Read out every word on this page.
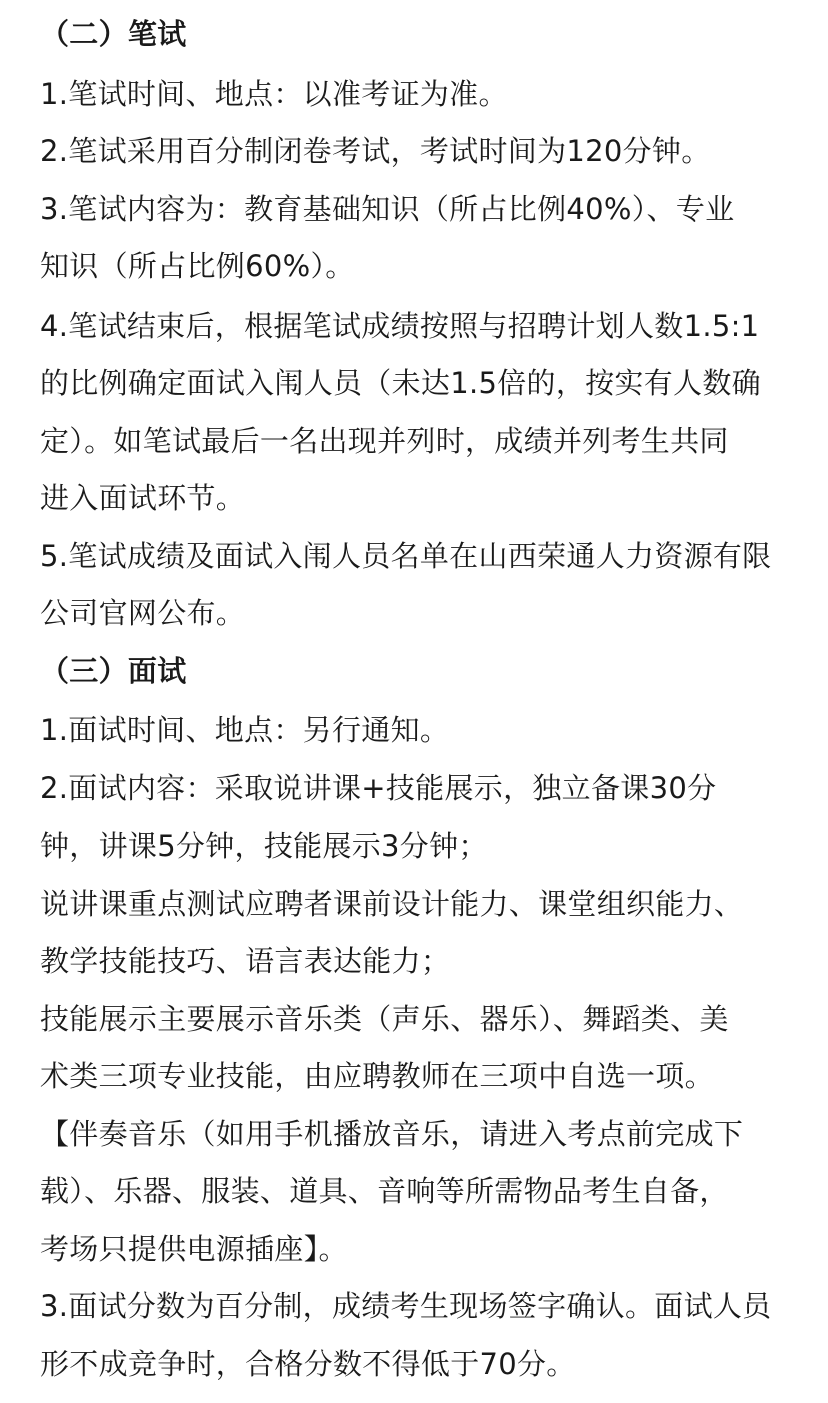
（二）笔试
1.笔试时间、地点：以准考证为准。
2.笔试采用百分制闭卷考试，考试时间为120分钟。
3.笔试内容为：教育基础知识（所占比例40%）、专业
知识（所占比例60%）。
4.笔试结束后，根据笔试成绩按照与招聘计划人数1.5:1
的比例确定面试入闱人员（未达1.5倍的，按实有人数确
定）。如笔试最后一名出现并列时，成绩并列考生共同
进入面试环节。
5.笔试成绩及面试入闱人员名单在山西荣通人力资源有限
公司官网公布。
（三）面试
1.面试时间、地点：另行通知。
2.面试内容：采取说讲课+技能展示，独立备课30分
钟，讲课5分钟，技能展示3分钟；
说讲课重点测试应聘者课前设计能力、课堂组织能力、
教学技能技巧、语言表达能力；
技能展示主要展示音乐类（声乐、器乐）、舞蹈类、美
术类三项专业技能，由应聘教师在三项中自选一项。
【伴奏音乐（如用手机播放音乐，请进入考点前完成下
载）、乐器、服装、道具、音响等所需物品考生自备，
考场只提供电源插座】。
3.面试分数为百分制，成绩考生现场签字确认。面试人员
形不成竞争时，合格分数不得低于70分。
